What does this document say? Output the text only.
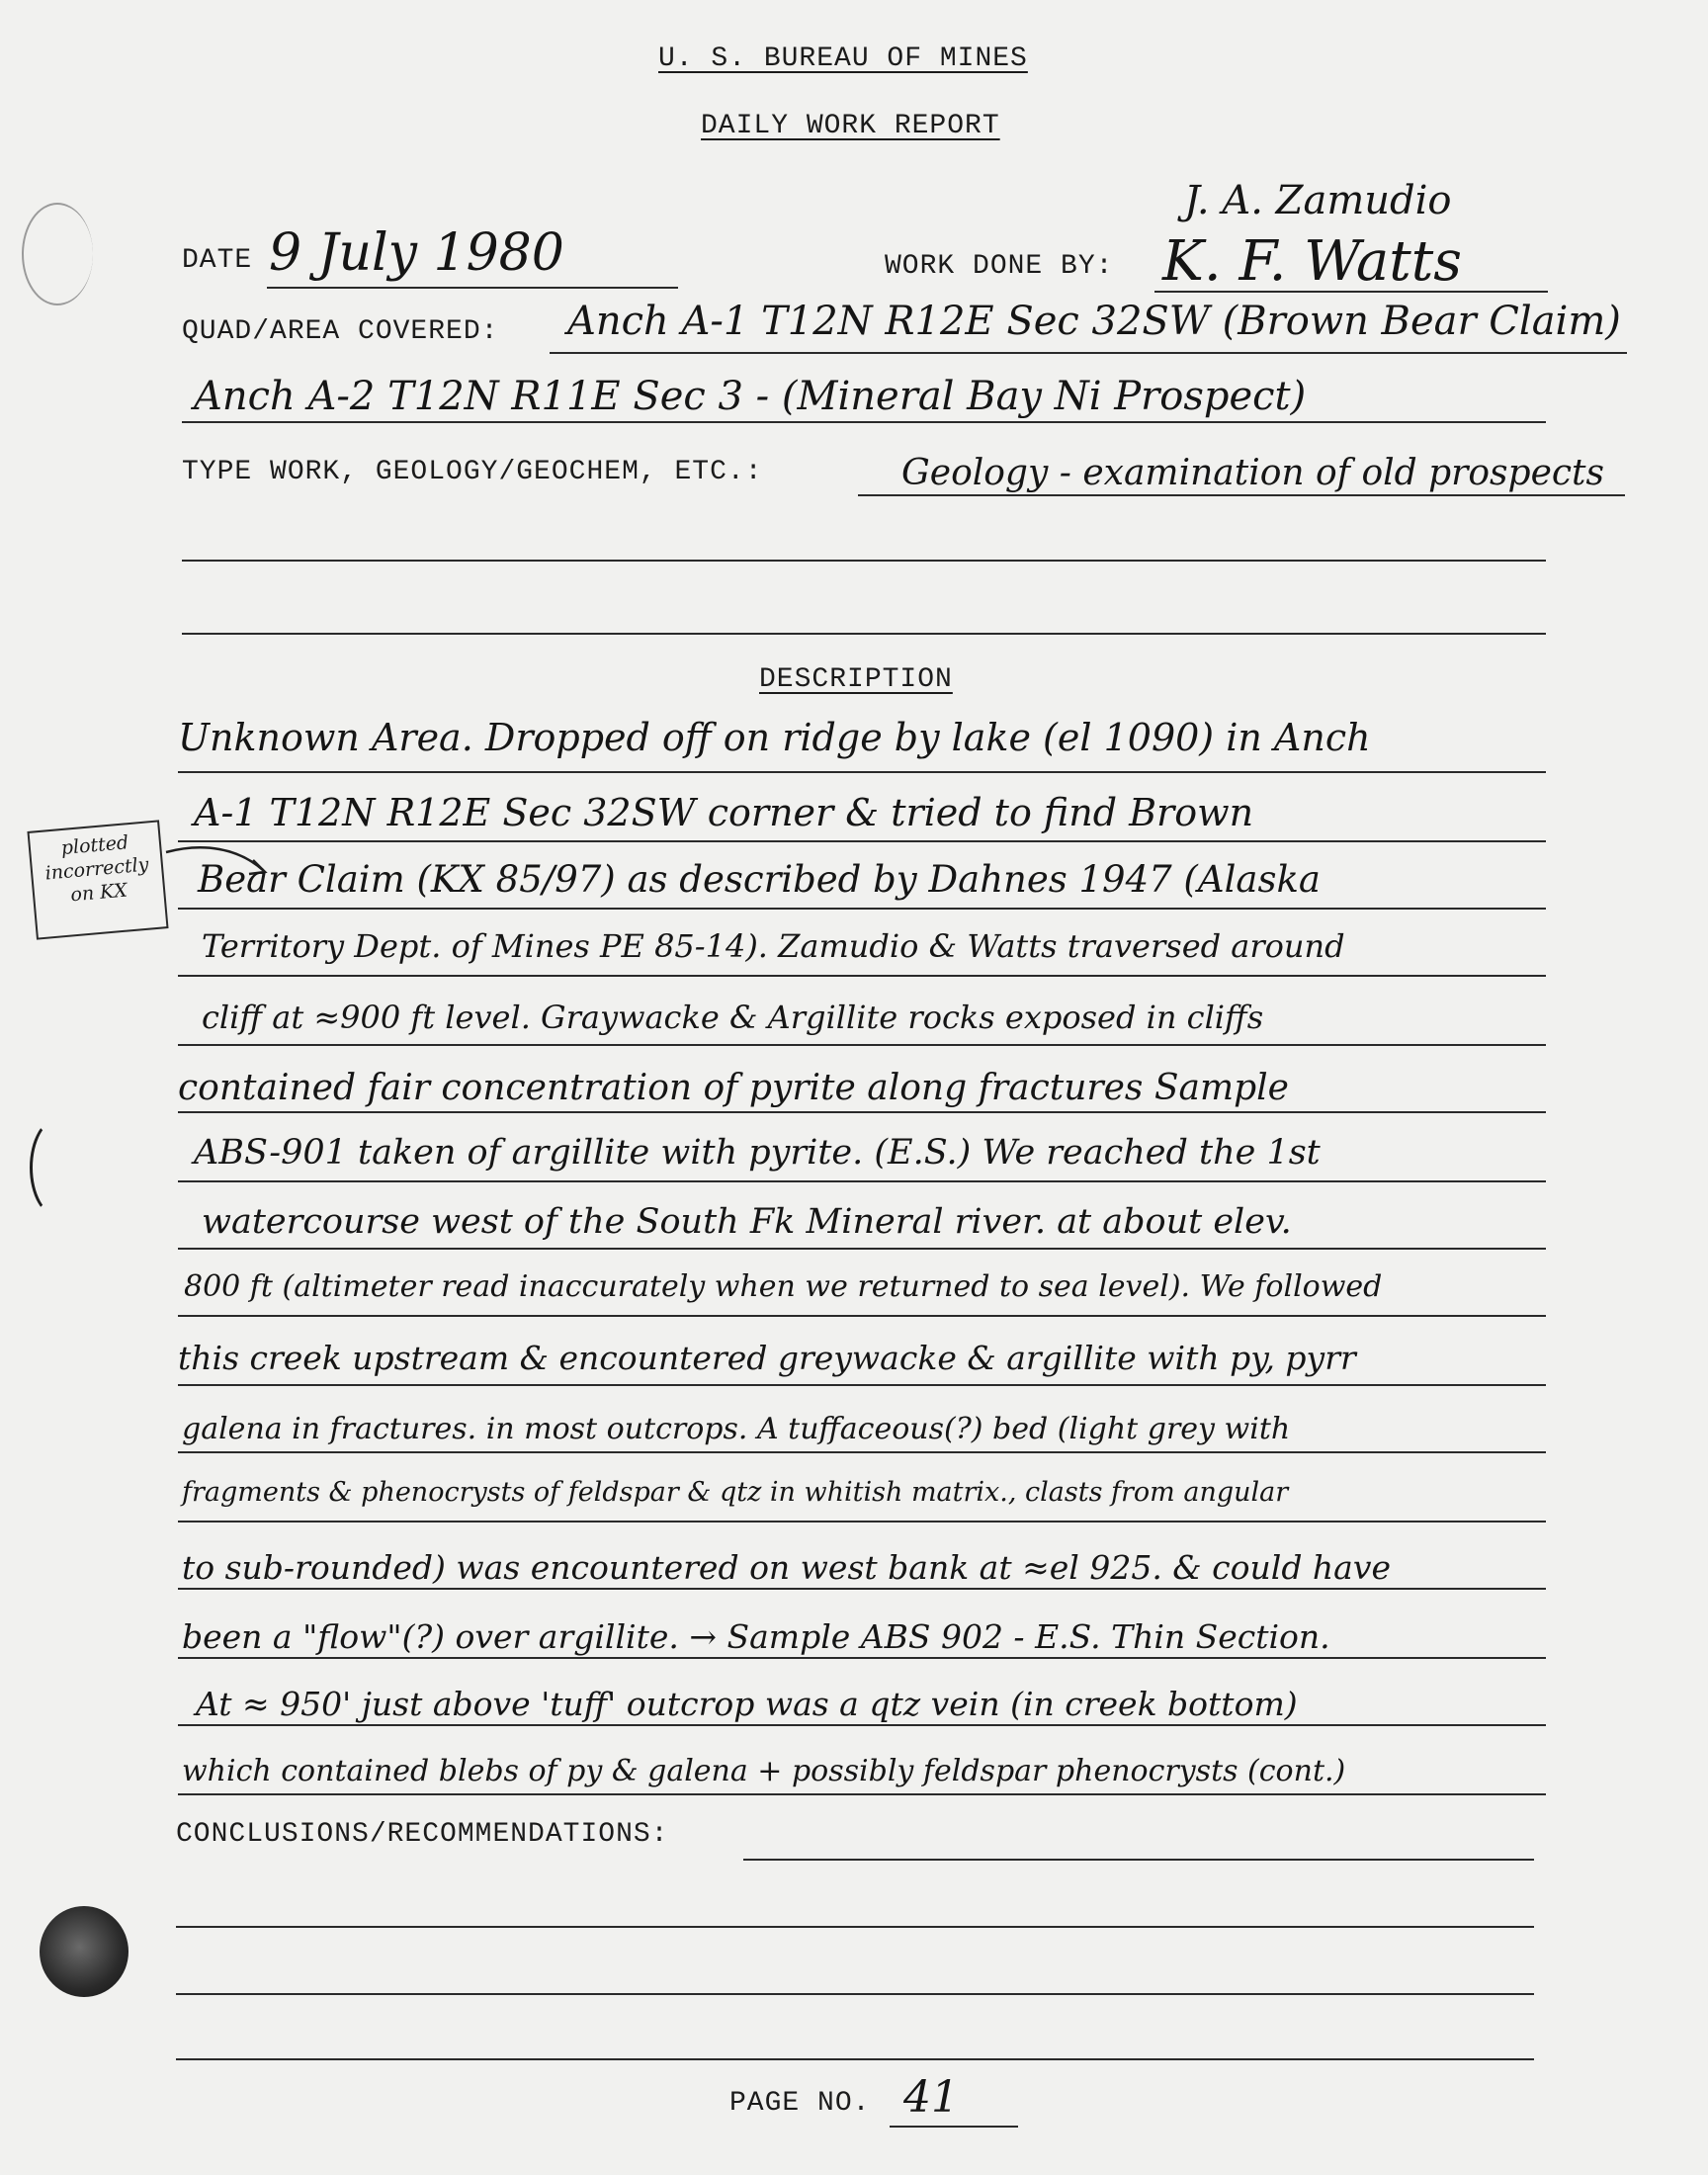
U. S. BUREAU OF MINES
DAILY WORK REPORT
DATE 9 July 1980	WORK DONE BY:
J. A. Zamudio
K. F. Watts
QUAD/AREA COVERED: Anch A-1 T12N R12E Sec 32SW (Brown Bear Claim)
Anch A-2 T12N R11E Sec 3 - (Mineral Bay Ni Prospect)
TYPE WORK, GEOLOGY/GEOCHEM, ETC.:	Geology - examination of old prospects
DESCRIPTION
plotted incorrectly on KX
Unknown Area. Dropped off on ridge by lake (el 1090) in Anch
A-1 T12N R12E Sec 32SW corner & tried to find Brown
Bear Claim (KX 85/97) as described by Dahnes 1947 (Alaska
Territory Dept. of Mines PE 85-14). Zamudio & Watts traversed around
cliff at ≈900 ft level. Graywacke & Argillite rocks exposed in cliffs
contained fair concentration of pyrite along fractures Sample
ABS-901 taken of argillite with pyrite. (E.S.) We reached the 1st
watercourse west of the South Fk Mineral river. at about elev.
800 ft (altimeter read inaccurately when we returned to sea level). We followed
this creek upstream & encountered greywacke & argillite with py, pyrr
galena in fractures. in most outcrops. A tuffaceous(?) bed (light grey with
fragments & phenocrysts of feldspar & qtz in whitish matrix., clasts from angular
to sub-rounded) was encountered on west bank at ≈el 925. & could have
been a "flow"(?) over argillite. → Sample ABS 902 - E.S. Thin Section.
At ≈ 950' just above 'tuff' outcrop was a qtz vein (in creek bottom)
which contained blebs of py & galena + possibly feldspar phenocrysts (cont.)
CONCLUSIONS/RECOMMENDATIONS:
PAGE NO. 41
